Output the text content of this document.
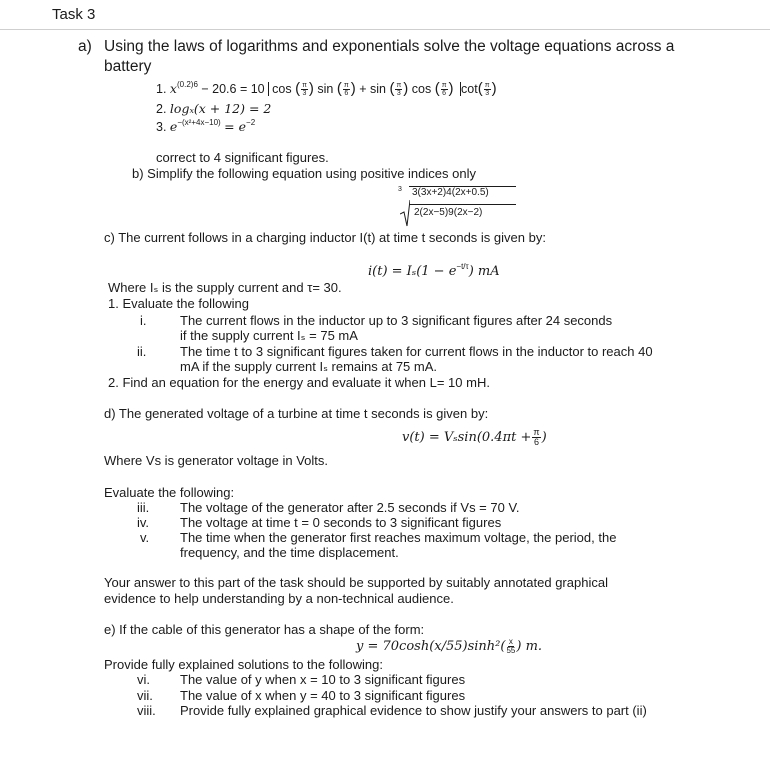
Task 3
a) Using the laws of logarithms and exponentials solve the voltage equations across a
battery
1. $x^{(0.2)6} - 20.6 = 10$ cos ( $\frac{\pi}{3}$ ) sin ( $\frac{\pi}{6}$ ) + sin ( $\frac{\pi}{3}$ ) cos ( $\frac{\pi}{6}$ ) $\cot( \frac{\pi}{3}$ )
2. logₓ(x + 12) = 2
3. $e^{-(x^2+4x-10)} = e^{-2}$
correct to 4 significant figures.
b) Simplify the following equation using positive indices only
3 3(3x+2)4(2x+0.5)
2(2x−5)9(2x−2)
c) The current follows in a charging inductor I(t) at time t seconds is given by:
$i(t) = I_s(1 - e^{-t/\tau})$ mA
Where Iₛ is the supply current and τ= 30.
1. Evaluate the following
i.	The current flows in the inductor up to 3 significant figures after 24 seconds
if the supply current Iₛ = 75 mA
ii.	The time t to 3 significant figures taken for current flows in the inductor to reach 40
mA if the supply current Iₛ remains at 75 mA.
2. Find an equation for the energy and evaluate it when L= 10 mH.
d) The generated voltage of a turbine at time t seconds is given by:
$v(t) = V_s\sin(0.4\pi t + \frac{\pi}{6}$ )
Where Vs is generator voltage in Volts.
Evaluate the following:
iii. The voltage of the generator after 2.5 seconds if Vs = 70 V.
iv. The voltage at time t = 0 seconds to 3 significant figures
v. The time when the generator first reaches maximum voltage, the period, the
frequency, and the time displacement.
Your answer to this part of the task should be supported by suitably annotated graphical
evidence to help understanding by a non-technical audience.
e) If the cable of this generator has a shape of the form:
$y = 70\cosh(x/55)\sinh^2( \frac{x}{55}$ ) m.
Provide fully explained solutions to the following:
vi. The value of y when x = 10 to 3 significant figures
vii. The value of x when y = 40 to 3 significant figures
viii. Provide fully explained graphical evidence to show justify your answers to part (ii)
